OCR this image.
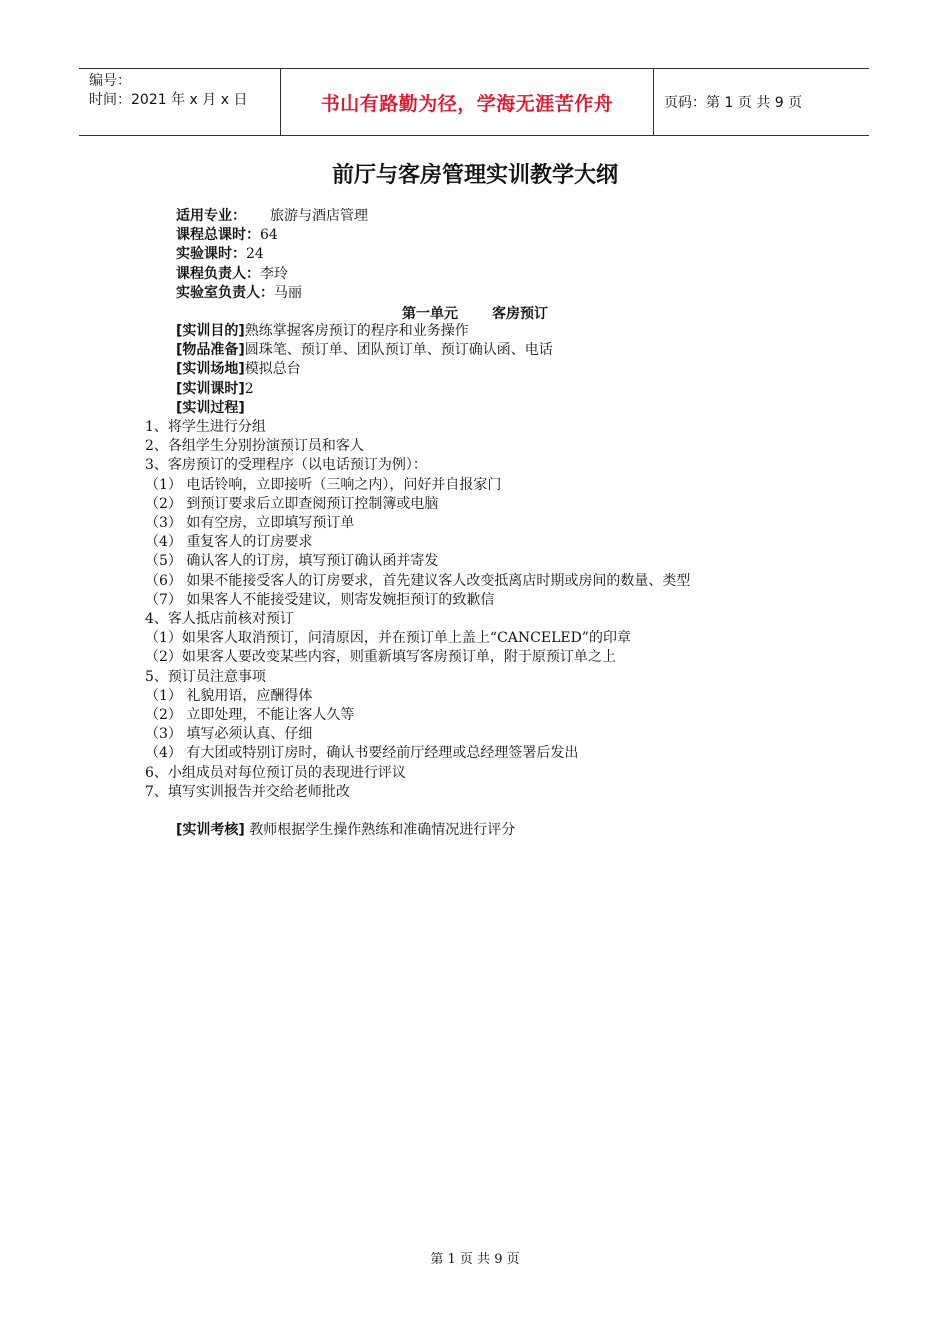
编号：
时间：2021 年 x 月 x 日	书山有路勤为径，学海无涯苦作舟	页码：第 1 页 共 9 页
前厅与客房管理实训教学大纲
适用专业： 旅游与酒店管理
课程总课时：64
实验课时：24
课程负责人：李玲
实验室负责人：马丽
第一单元 客房预订
[实训目的]熟练掌握客房预订的程序和业务操作
[物品准备]圆珠笔、预订单、团队预订单、预订确认函、电话
[实训场地]模拟总台
[实训课时]2
[实训过程]
1、将学生进行分组
2、各组学生分别扮演预订员和客人
3、客房预订的受理程序（以电话预订为例）：
（1） 电话铃响，立即接听（三响之内），问好并自报家门
（2） 到预订要求后立即查阅预订控制簿或电脑
（3） 如有空房，立即填写预订单
（4） 重复客人的订房要求
（5） 确认客人的订房，填写预订确认函并寄发
（6） 如果不能接受客人的订房要求，首先建议客人改变抵离店时期或房间的数量、类型
（7） 如果客人不能接受建议，则寄发婉拒预订的致歉信
4、客人抵店前核对预订
（1）如果客人取消预订，问清原因，并在预订单上盖上“CANCELED”的印章
（2）如果客人要改变某些内容，则重新填写客房预订单，附于原预订单之上
5、预订员注意事项
（1） 礼貌用语，应酬得体
（2） 立即处理，不能让客人久等
（3） 填写必须认真、仔细
（4） 有大团或特别订房时，确认书要经前厅经理或总经理签署后发出
6、小组成员对每位预订员的表现进行评议
7、填写实训报告并交给老师批改
[实训考核] 教师根据学生操作熟练和准确情况进行评分
第 1 页 共 9 页
